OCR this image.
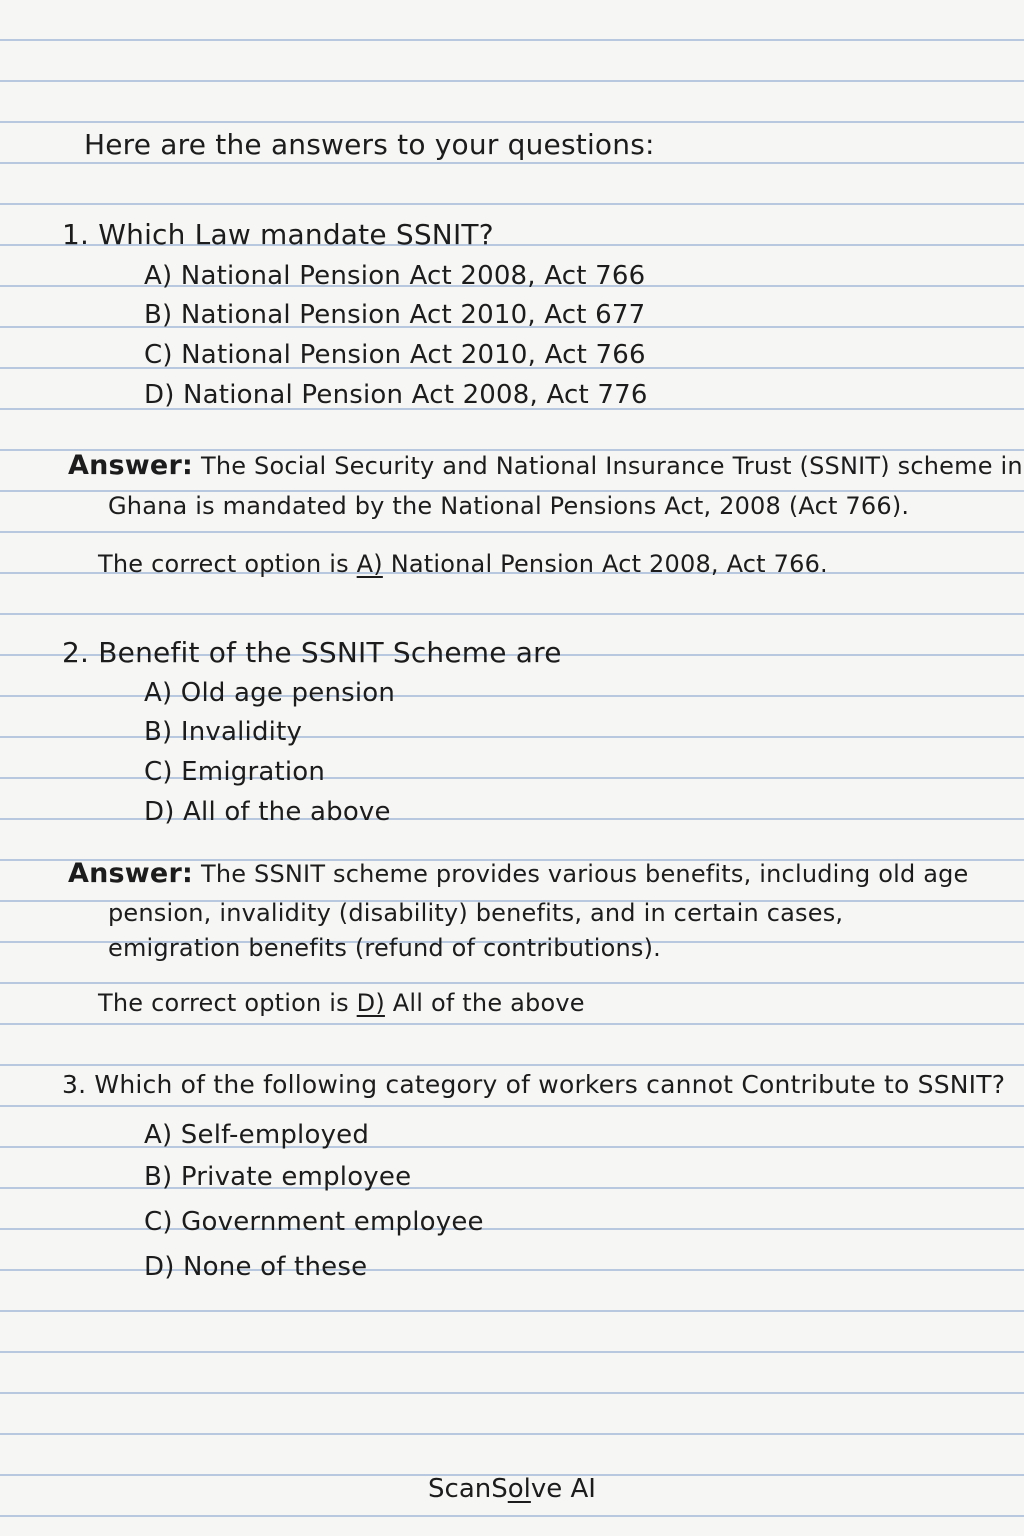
Here are the answers to your questions:
1. Which Law mandate SSNIT?
A) National Pension Act 2008, Act 766
B) National Pension Act 2010, Act 677
C) National Pension Act 2010, Act 766
D) National Pension Act 2008, Act 776
Answer: The Social Security and National Insurance Trust (SSNIT) scheme in
Ghana is mandated by the National Pensions Act, 2008 (Act 766).
The correct option is A) National Pension Act 2008, Act 766.
2. Benefit of the SSNIT Scheme are
A) Old age pension
B) Invalidity
C) Emigration
D) All of the above
Answer: The SSNIT scheme provides various benefits, including old age
pension, invalidity (disability) benefits, and in certain cases,
emigration benefits (refund of contributions).
The correct option is D) All of the above
3. Which of the following category of workers cannot Contribute to SSNIT?
A) Self-employed
B) Private employee
C) Government employee
D) None of these
ScanSolve AI
